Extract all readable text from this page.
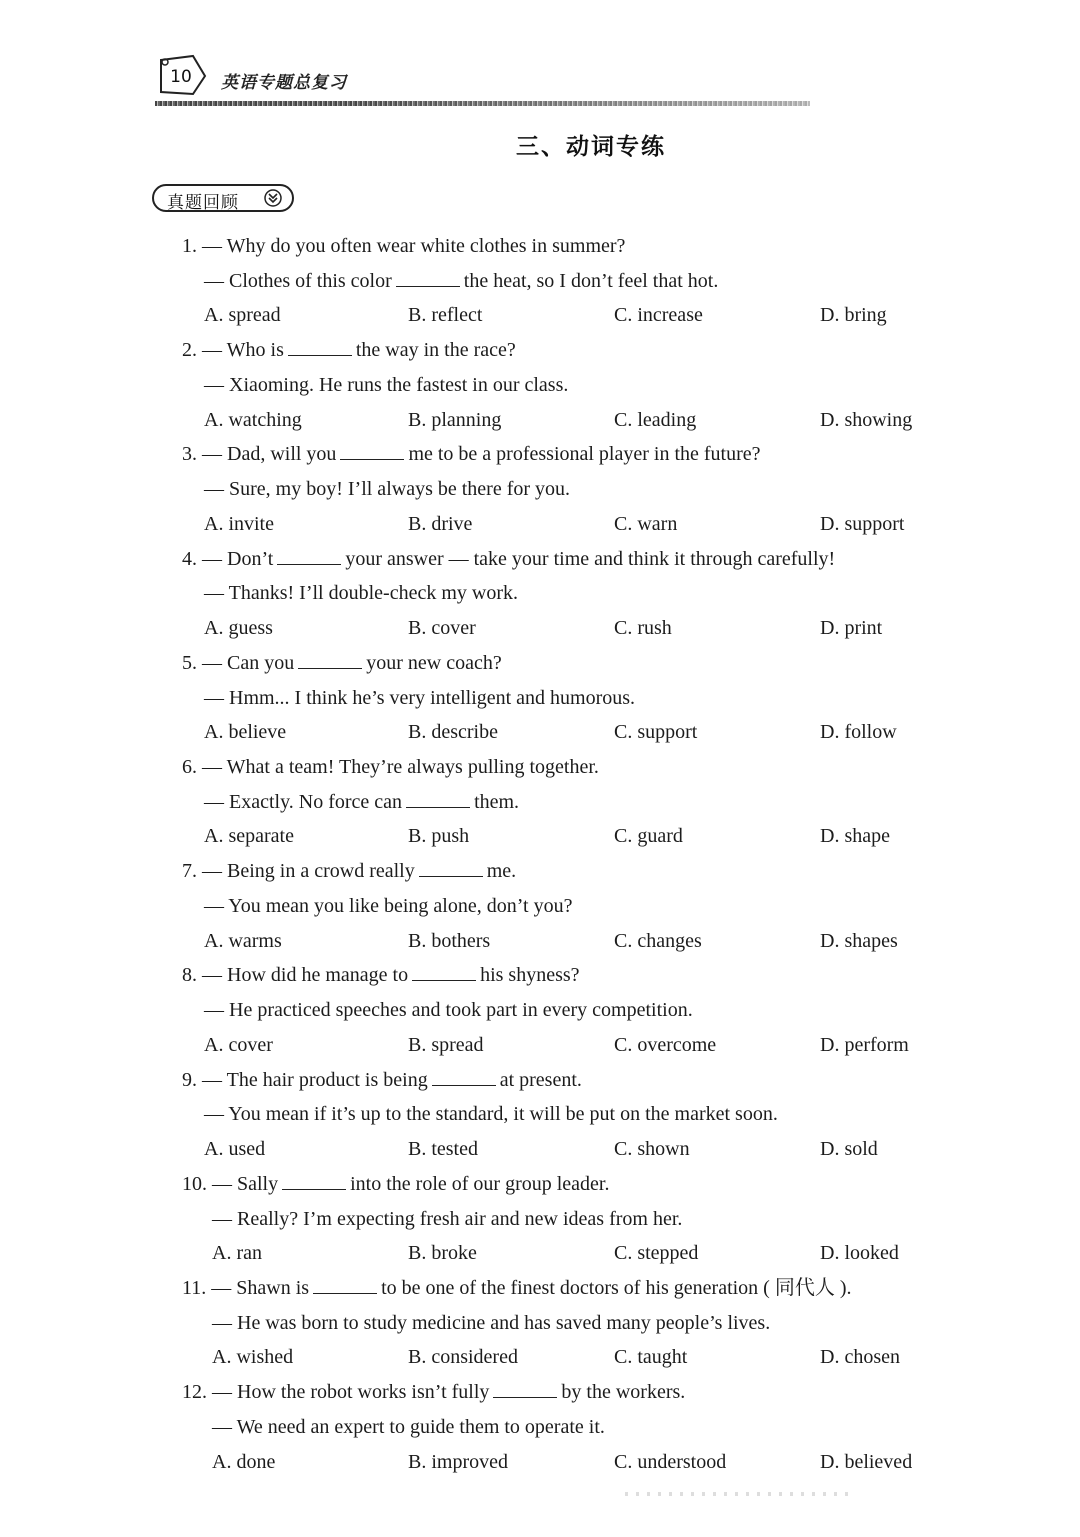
10 英语专题总复习
三、动词专练
真题回顾
1. — Why do you often wear white clothes in summer?
— Clothes of this color	the heat, so I don’t feel that hot.
A. spread	B. reflect	C. increase	D. bring
2. — Who is	the way in the race?
— Xiaoming. He runs the fastest in our class.
A. watching	B. planning	C. leading	D. showing
3. — Dad, will you	me to be a professional player in the future?
— Sure, my boy! I’ll always be there for you.
A. invite	B. drive	C. warn	D. support
4. — Don’t	your answer — take your time and think it through carefully!
— Thanks! I’ll double-check my work.
A. guess	B. cover	C. rush	D. print
5. — Can you	your new coach?
— Hmm... I think he’s very intelligent and humorous.
A. believe	B. describe	C. support	D. follow
6. — What a team! They’re always pulling together.
— Exactly. No force can	them.
A. separate	B. push	C. guard	D. shape
7. — Being in a crowd really	me.
— You mean you like being alone, don’t you?
A. warms	B. bothers	C. changes	D. shapes
8. — How did he manage to	his shyness?
— He practiced speeches and took part in every competition.
A. cover	B. spread	C. overcome	D. perform
9. — The hair product is being	at present.
— You mean if it’s up to the standard, it will be put on the market soon.
A. used	B. tested	C. shown	D. sold
10. — Sally	into the role of our group leader.
— Really? I’m expecting fresh air and new ideas from her.
A. ran	B. broke	C. stepped	D. looked
11. — Shawn is	to be one of the finest doctors of his generation ( 同代人 ).
— He was born to study medicine and has saved many people’s lives.
A. wished	B. considered	C. taught	D. chosen
12. — How the robot works isn’t fully	by the workers.
— We need an expert to guide them to operate it.
A. done	B. improved	C. understood	D. believed
